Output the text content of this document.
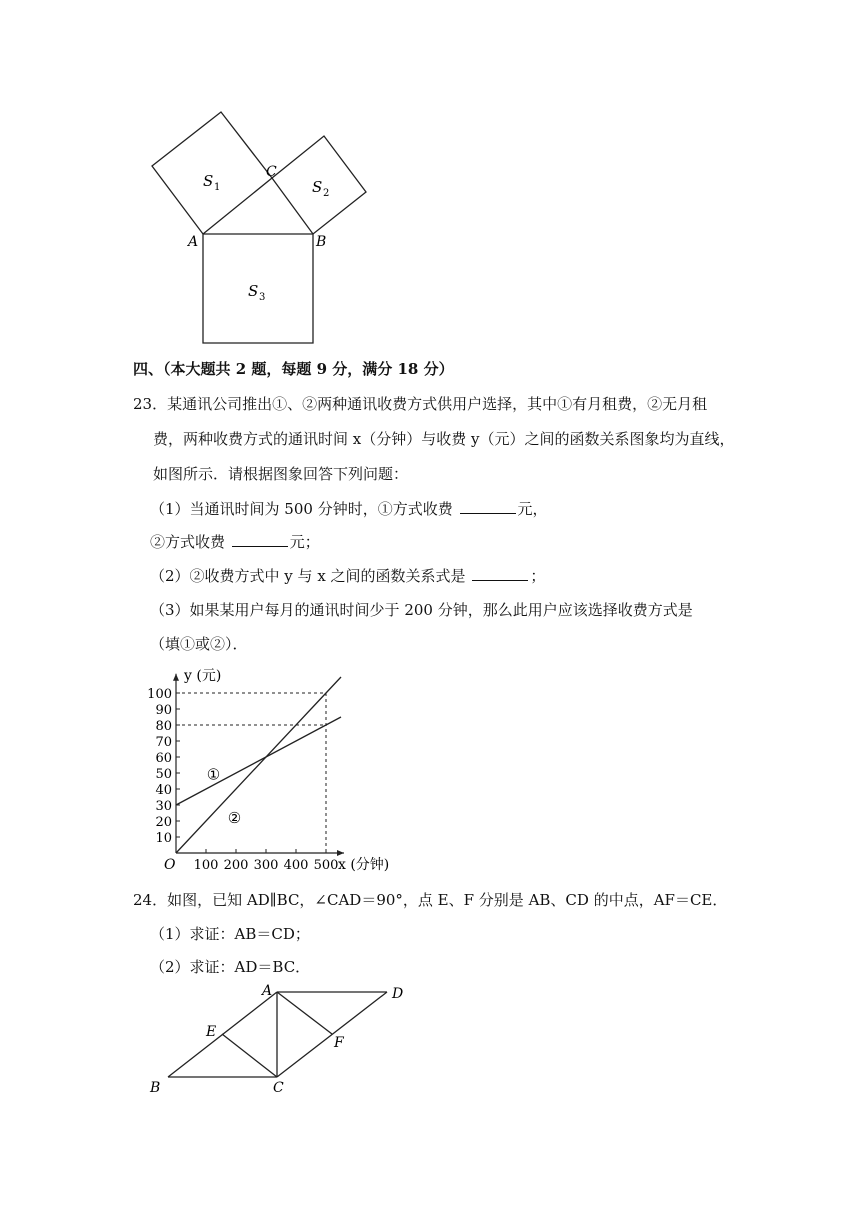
S 1	S 2
S 3
A	B
C
四、（本大题共 2 题，每题 9 分，满分 18 分）
23．某通讯公司推出①、②两种通讯收费方式供用户选择，其中①有月租费，②无月租
费，两种收费方式的通讯时间 x（分钟）与收费 y（元）之间的函数关系图象均为直线，
如图所示．请根据图象回答下列问题：
（1）当通讯时间为 500 分钟时，①方式收费	元，
②方式收费	元；
（2）②收费方式中 y 与 x 之间的函数关系式是	；
（3）如果某用户每月的通讯时间少于 200 分钟，那么此用户应该选择收费方式是
（填①或②）．
10
20
30
40
50
60
70
80
90
100
100 200 300 400 500
①
②
y (元)
x (分钟)
O
24．如图，已知 AD∥BC，∠CAD＝90°，点 E、F 分别是 AB、CD 的中点，AF＝CE．
（1）求证：AB＝CD；
（2）求证：AD＝BC．
A	D
E
F
B	C
